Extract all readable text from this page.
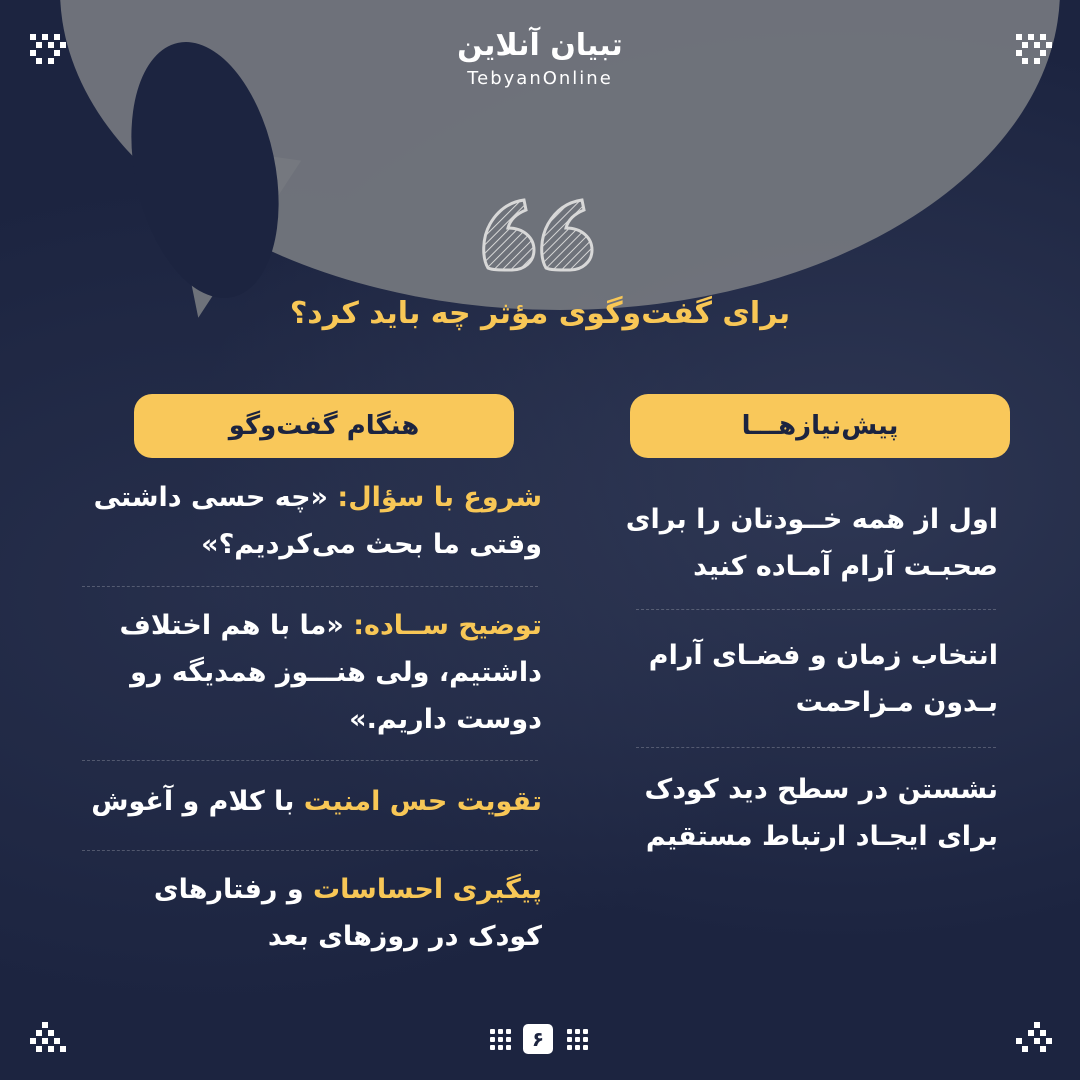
تبیان آنلاین
TebyanOnline
برای گفت‌وگوی مؤثر چه باید کرد؟
پیش‌نیازهـــا
هنگام گفت‌وگو
اول از همه خــودتان را برای صحبـت آرام آمـاده کنید
انتخاب زمان و فضـای آرام بـدون مـزاحمت
نشستن در سطح دید کودک برای ایجـاد ارتباط مستقیم
شروع با سؤال: «چه حسی داشتی وقتی ما بحث می‌کردیم؟»
توضیح ســاده: «ما با هم اختلاف داشتیم، ولی هنـــوز همدیگه رو دوست داریم.»
تقویت حس امنیت با کلام و آغوش
پیگیری احساسات و رفتارهای کودک در روزهای بعد
۶
